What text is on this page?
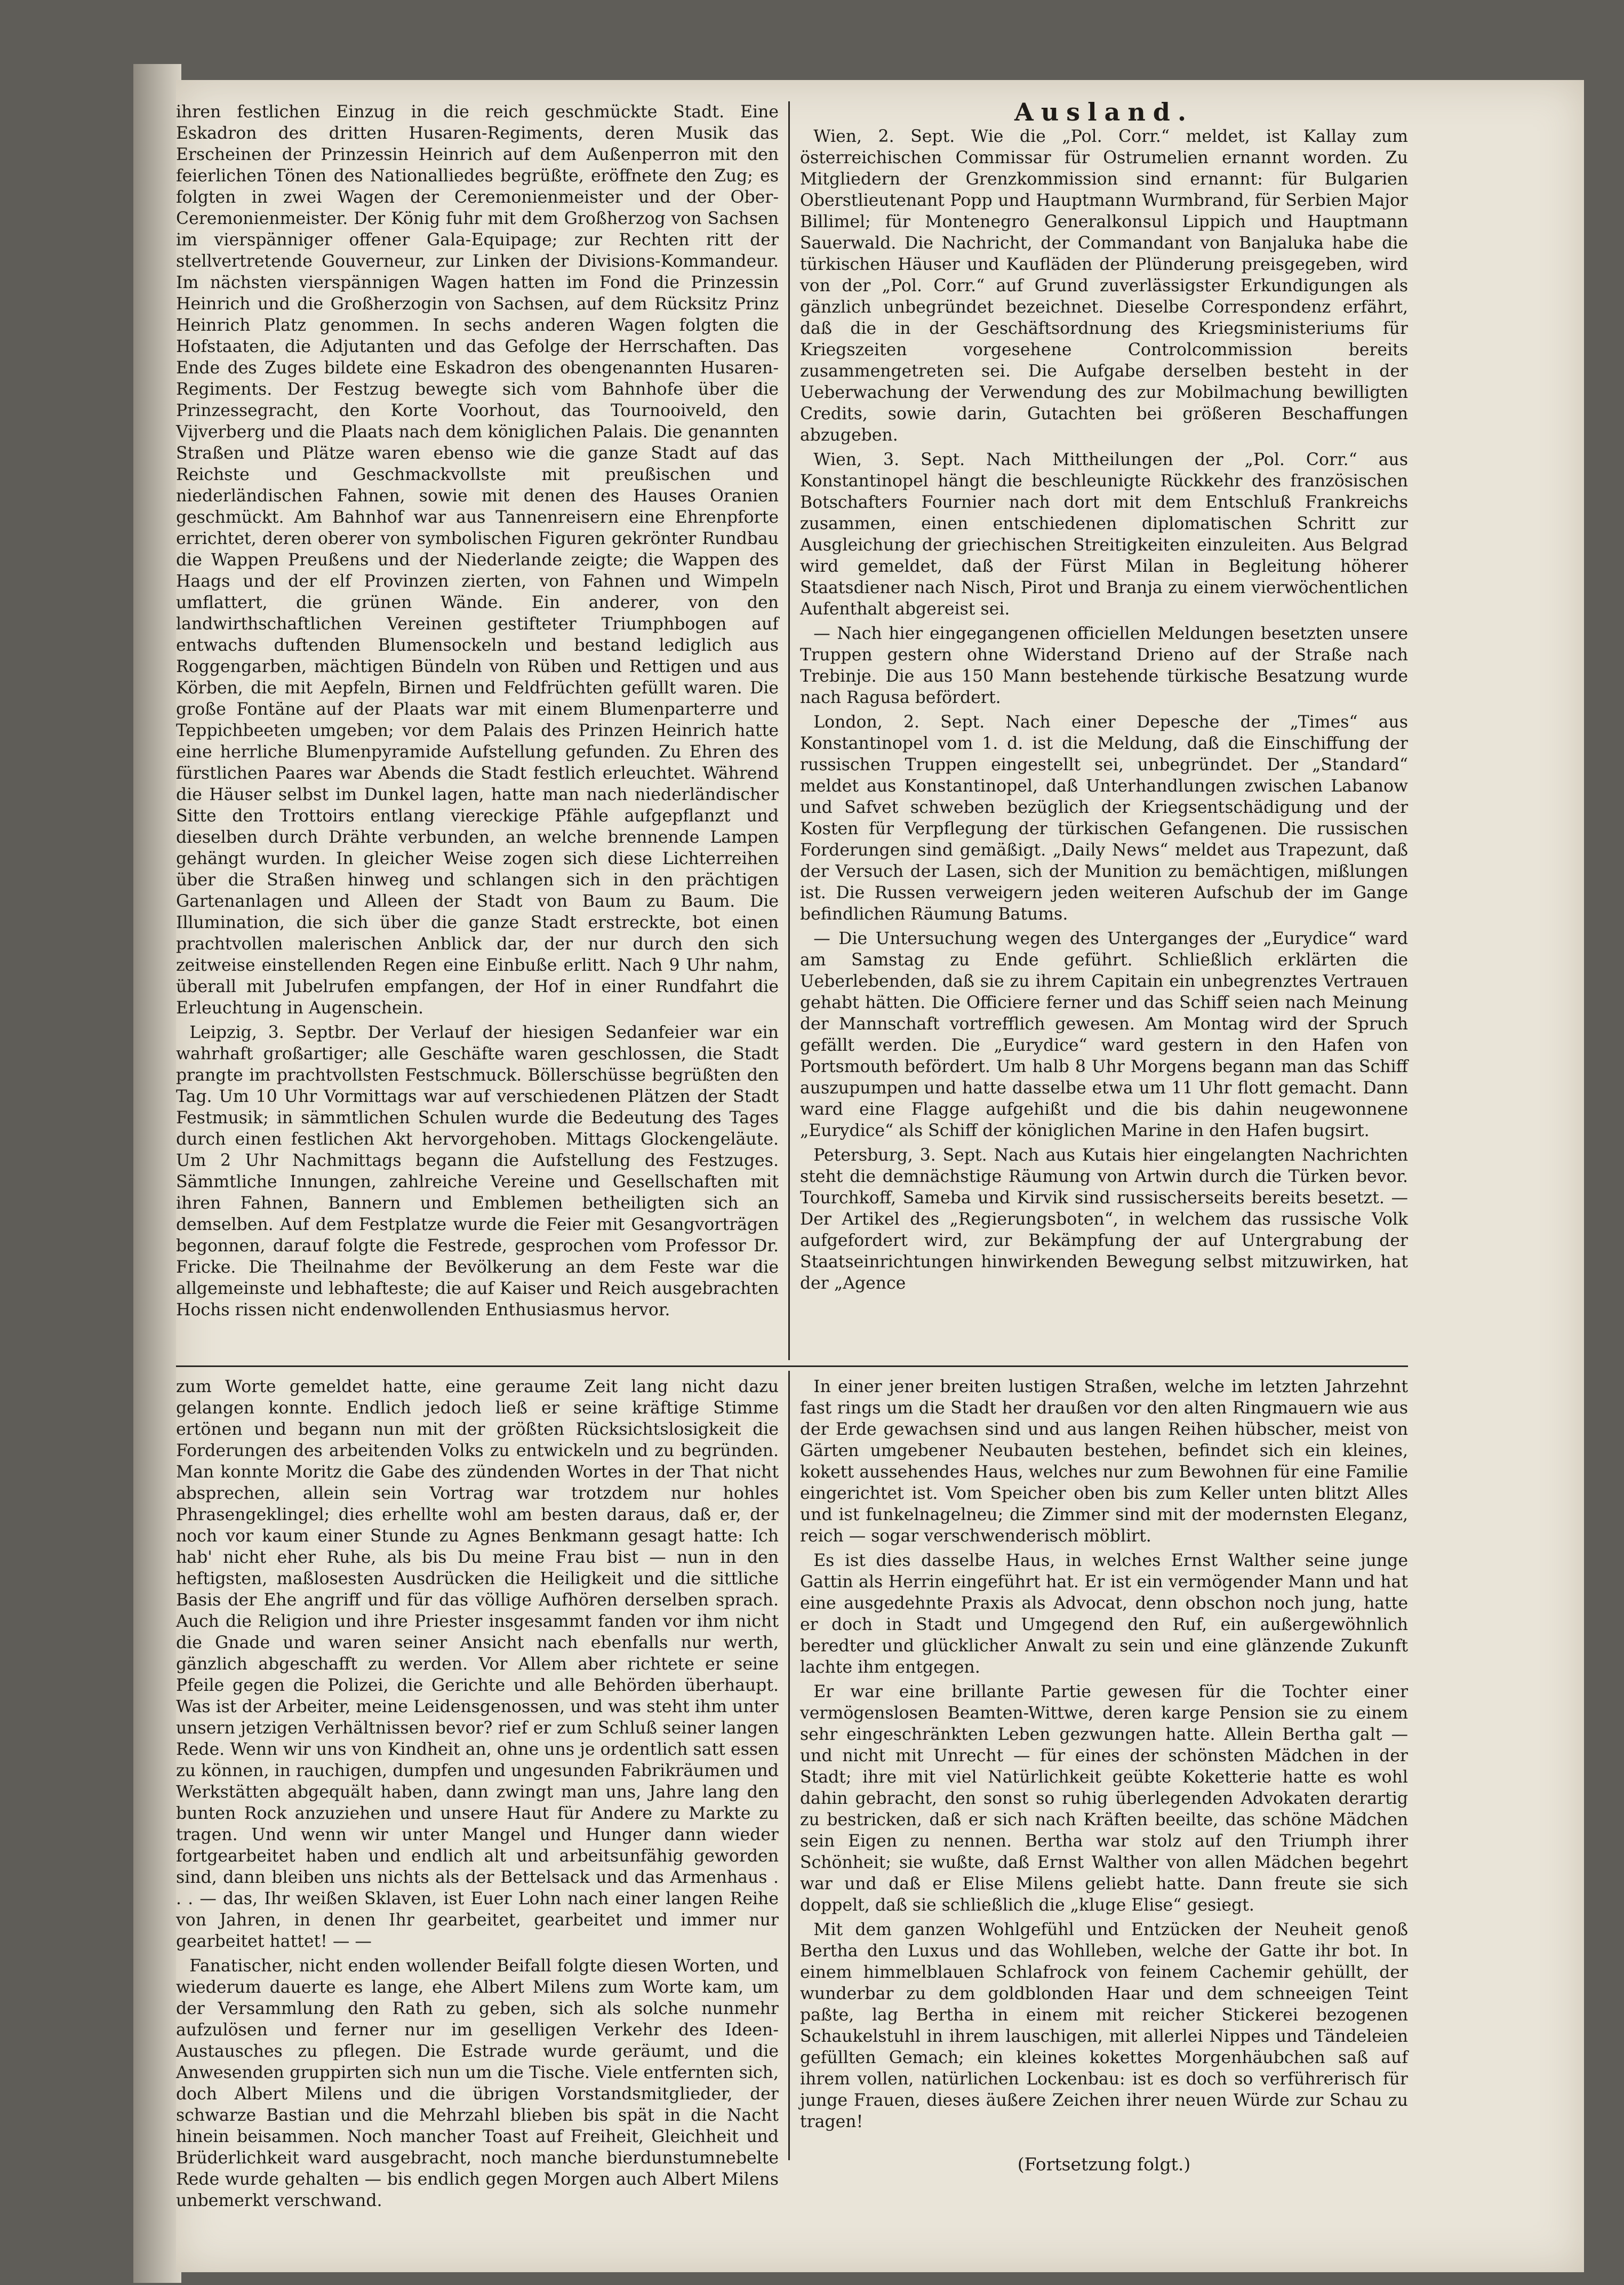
ihren festlichen Einzug in die reich geschmückte Stadt. Eine Eskadron des dritten Husaren-Regiments, deren Musik das Erscheinen der Prinzessin Heinrich auf dem Außenperron mit den feierlichen Tönen des Nationalliedes begrüßte, eröffnete den Zug; es folgten in zwei Wagen der Ceremonienmeister und der Ober-Ceremonienmeister. Der König fuhr mit dem Großherzog von Sachsen im vierspänniger offener Gala-Equipage; zur Rechten ritt der stellvertretende Gouverneur, zur Linken der Divisions-Kommandeur. Im nächsten vierspännigen Wagen hatten im Fond die Prinzessin Heinrich und die Großherzogin von Sachsen, auf dem Rücksitz Prinz Heinrich Platz genommen. In sechs anderen Wagen folgten die Hofstaaten, die Adjutanten und das Gefolge der Herrschaften. Das Ende des Zuges bildete eine Eskadron des obengenannten Husaren-Regiments. Der Festzug bewegte sich vom Bahnhofe über die Prinzessegracht, den Korte Voorhout, das Tournooiveld, den Vijverberg und die Plaats nach dem königlichen Palais. Die genannten Straßen und Plätze waren ebenso wie die ganze Stadt auf das Reichste und Geschmackvollste mit preußischen und niederländischen Fahnen, sowie mit denen des Hauses Oranien geschmückt. Am Bahnhof war aus Tannenreisern eine Ehrenpforte errichtet, deren oberer von symbolischen Figuren gekrönter Rundbau die Wappen Preußens und der Niederlande zeigte; die Wappen des Haags und der elf Provinzen zierten, von Fahnen und Wimpeln umflattert, die grünen Wände. Ein anderer, von den landwirthschaftlichen Vereinen gestifteter Triumphbogen auf entwachs duftenden Blumensockeln und bestand lediglich aus Roggengarben, mächtigen Bündeln von Rüben und Rettigen und aus Körben, die mit Aepfeln, Birnen und Feldfrüchten gefüllt waren. Die große Fontäne auf der Plaats war mit einem Blumenparterre und Teppichbeeten umgeben; vor dem Palais des Prinzen Heinrich hatte eine herrliche Blumenpyramide Aufstellung gefunden. Zu Ehren des fürstlichen Paares war Abends die Stadt festlich erleuchtet. Während die Häuser selbst im Dunkel lagen, hatte man nach niederländischer Sitte den Trottoirs entlang viereckige Pfähle aufgepflanzt und dieselben durch Drähte verbunden, an welche brennende Lampen gehängt wurden. In gleicher Weise zogen sich diese Lichterreihen über die Straßen hinweg und schlangen sich in den prächtigen Gartenanlagen und Alleen der Stadt von Baum zu Baum. Die Illumination, die sich über die ganze Stadt erstreckte, bot einen prachtvollen malerischen Anblick dar, der nur durch den sich zeitweise einstellenden Regen eine Einbuße erlitt. Nach 9 Uhr nahm, überall mit Jubelrufen empfangen, der Hof in einer Rundfahrt die Erleuchtung in Augenschein.

Leipzig, 3. Septbr. Der Verlauf der hiesigen Sedanfeier war ein wahrhaft großartiger; alle Geschäfte waren geschlossen, die Stadt prangte im prachtvollsten Festschmuck. Böllerschüsse begrüßten den Tag. Um 10 Uhr Vormittags war auf verschiedenen Plätzen der Stadt Festmusik; in sämmtlichen Schulen wurde die Bedeutung des Tages durch einen festlichen Akt hervorgehoben. Mittags Glockengeläute. Um 2 Uhr Nachmittags begann die Aufstellung des Festzuges. Sämmtliche Innungen, zahlreiche Vereine und Gesellschaften mit ihren Fahnen, Bannern und Emblemen betheiligten sich an demselben. Auf dem Festplatze wurde die Feier mit Gesangvorträgen begonnen, darauf folgte die Festrede, gesprochen vom Professor Dr. Fricke. Die Theilnahme der Bevölkerung an dem Feste war die allgemeinste und lebhafteste; die auf Kaiser und Reich ausgebrachten Hochs rissen nicht endenwollenden Enthusiasmus hervor.

Ausland.

Wien, 2. Sept. Wie die „Pol. Corr.“ meldet, ist Kallay zum österreichischen Commissar für Ostrumelien ernannt worden. Zu Mitgliedern der Grenzkommission sind ernannt: für Bulgarien Oberstlieutenant Popp und Hauptmann Wurmbrand, für Serbien Major Billimel; für Montenegro Generalkonsul Lippich und Hauptmann Sauerwald. Die Nachricht, der Commandant von Banjaluka habe die türkischen Häuser und Kaufläden der Plünderung preisgegeben, wird von der „Pol. Corr.“ auf Grund zuverlässigster Erkundigungen als gänzlich unbegründet bezeichnet. Dieselbe Correspondenz erfährt, daß die in der Geschäftsordnung des Kriegsministeriums für Kriegszeiten vorgesehene Controlcommission bereits zusammengetreten sei. Die Aufgabe derselben besteht in der Ueberwachung der Verwendung des zur Mobilmachung bewilligten Credits, sowie darin, Gutachten bei größeren Beschaffungen abzugeben.

Wien, 3. Sept. Nach Mittheilungen der „Pol. Corr.“ aus Konstantinopel hängt die beschleunigte Rückkehr des französischen Botschafters Fournier nach dort mit dem Entschluß Frankreichs zusammen, einen entschiedenen diplomatischen Schritt zur Ausgleichung der griechischen Streitigkeiten einzuleiten. Aus Belgrad wird gemeldet, daß der Fürst Milan in Begleitung höherer Staatsdiener nach Nisch, Pirot und Branja zu einem vierwöchentlichen Aufenthalt abgereist sei.

— Nach hier eingegangenen officiellen Meldungen besetzten unsere Truppen gestern ohne Widerstand Drieno auf der Straße nach Trebinje. Die aus 150 Mann bestehende türkische Besatzung wurde nach Ragusa befördert.

London, 2. Sept. Nach einer Depesche der „Times“ aus Konstantinopel vom 1. d. ist die Meldung, daß die Einschiffung der russischen Truppen eingestellt sei, unbegründet. Der „Standard“ meldet aus Konstantinopel, daß Unterhandlungen zwischen Labanow und Safvet schweben bezüglich der Kriegsentschädigung und der Kosten für Verpflegung der türkischen Gefangenen. Die russischen Forderungen sind gemäßigt. „Daily News“ meldet aus Trapezunt, daß der Versuch der Lasen, sich der Munition zu bemächtigen, mißlungen ist. Die Russen verweigern jeden weiteren Aufschub der im Gange befindlichen Räumung Batums.

— Die Untersuchung wegen des Unterganges der „Eurydice“ ward am Samstag zu Ende geführt. Schließlich erklärten die Ueberlebenden, daß sie zu ihrem Capitain ein unbegrenztes Vertrauen gehabt hätten. Die Officiere ferner und das Schiff seien nach Meinung der Mannschaft vortrefflich gewesen. Am Montag wird der Spruch gefällt werden. Die „Eurydice“ ward gestern in den Hafen von Portsmouth befördert. Um halb 8 Uhr Morgens begann man das Schiff auszupumpen und hatte dasselbe etwa um 11 Uhr flott gemacht. Dann ward eine Flagge aufgehißt und die bis dahin neugewonnene „Eurydice“ als Schiff der königlichen Marine in den Hafen bugsirt.

Petersburg, 3. Sept. Nach aus Kutais hier eingelangten Nachrichten steht die demnächstige Räumung von Artwin durch die Türken bevor. Tourchkoff, Sameba und Kirvik sind russischerseits bereits besetzt. — Der Artikel des „Regierungsboten“, in welchem das russische Volk aufgefordert wird, zur Bekämpfung der auf Untergrabung der Staatseinrichtungen hinwirkenden Bewegung selbst mitzuwirken, hat der „Agence

zum Worte gemeldet hatte, eine geraume Zeit lang nicht dazu gelangen konnte. Endlich jedoch ließ er seine kräftige Stimme ertönen und begann nun mit der größten Rücksichtslosigkeit die Forderungen des arbeitenden Volks zu entwickeln und zu begründen. Man konnte Moritz die Gabe des zündenden Wortes in der That nicht absprechen, allein sein Vortrag war trotzdem nur hohles Phrasengeklingel; dies erhellte wohl am besten daraus, daß er, der noch vor kaum einer Stunde zu Agnes Benkmann gesagt hatte: Ich hab' nicht eher Ruhe, als bis Du meine Frau bist — nun in den heftigsten, maßlosesten Ausdrücken die Heiligkeit und die sittliche Basis der Ehe angriff und für das völlige Aufhören derselben sprach. Auch die Religion und ihre Priester insgesammt fanden vor ihm nicht die Gnade und waren seiner Ansicht nach ebenfalls nur werth, gänzlich abgeschafft zu werden. Vor Allem aber richtete er seine Pfeile gegen die Polizei, die Gerichte und alle Behörden überhaupt. Was ist der Arbeiter, meine Leidensgenossen, und was steht ihm unter unsern jetzigen Verhältnissen bevor? rief er zum Schluß seiner langen Rede. Wenn wir uns von Kindheit an, ohne uns je ordentlich satt essen zu können, in rauchigen, dumpfen und ungesunden Fabrikräumen und Werkstätten abgequält haben, dann zwingt man uns, Jahre lang den bunten Rock anzuziehen und unsere Haut für Andere zu Markte zu tragen. Und wenn wir unter Mangel und Hunger dann wieder fortgearbeitet haben und endlich alt und arbeitsunfähig geworden sind, dann bleiben uns nichts als der Bettelsack und das Armenhaus . . . — das, Ihr weißen Sklaven, ist Euer Lohn nach einer langen Reihe von Jahren, in denen Ihr gearbeitet, gearbeitet und immer nur gearbeitet hattet! — —

Fanatischer, nicht enden wollender Beifall folgte diesen Worten, und wiederum dauerte es lange, ehe Albert Milens zum Worte kam, um der Versammlung den Rath zu geben, sich als solche nunmehr aufzulösen und ferner nur im geselligen Verkehr des Ideen-Austausches zu pflegen. Die Estrade wurde geräumt, und die Anwesenden gruppirten sich nun um die Tische. Viele entfernten sich, doch Albert Milens und die übrigen Vorstandsmitglieder, der schwarze Bastian und die Mehrzahl blieben bis spät in die Nacht hinein beisammen. Noch mancher Toast auf Freiheit, Gleichheit und Brüderlichkeit ward ausgebracht, noch manche bierdunstumnebelte Rede wurde gehalten — bis endlich gegen Morgen auch Albert Milens unbemerkt verschwand.

In einer jener breiten lustigen Straßen, welche im letzten Jahrzehnt fast rings um die Stadt her draußen vor den alten Ringmauern wie aus der Erde gewachsen sind und aus langen Reihen hübscher, meist von Gärten umgebener Neubauten bestehen, befindet sich ein kleines, kokett aussehendes Haus, welches nur zum Bewohnen für eine Familie eingerichtet ist. Vom Speicher oben bis zum Keller unten blitzt Alles und ist funkelnagelneu; die Zimmer sind mit der modernsten Eleganz, reich — sogar verschwenderisch möblirt.

Es ist dies dasselbe Haus, in welches Ernst Walther seine junge Gattin als Herrin eingeführt hat. Er ist ein vermögender Mann und hat eine ausgedehnte Praxis als Advocat, denn obschon noch jung, hatte er doch in Stadt und Umgegend den Ruf, ein außergewöhnlich beredter und glücklicher Anwalt zu sein und eine glänzende Zukunft lachte ihm entgegen.

Er war eine brillante Partie gewesen für die Tochter einer vermögenslosen Beamten-Wittwe, deren karge Pension sie zu einem sehr eingeschränkten Leben gezwungen hatte. Allein Bertha galt — und nicht mit Unrecht — für eines der schönsten Mädchen in der Stadt; ihre mit viel Natürlichkeit geübte Koketterie hatte es wohl dahin gebracht, den sonst so ruhig überlegenden Advokaten derartig zu bestricken, daß er sich nach Kräften beeilte, das schöne Mädchen sein Eigen zu nennen. Bertha war stolz auf den Triumph ihrer Schönheit; sie wußte, daß Ernst Walther von allen Mädchen begehrt war und daß er Elise Milens geliebt hatte. Dann freute sie sich doppelt, daß sie schließlich die „kluge Elise“ gesiegt.

Mit dem ganzen Wohlgefühl und Entzücken der Neuheit genoß Bertha den Luxus und das Wohlleben, welche der Gatte ihr bot. In einem himmelblauen Schlafrock von feinem Cachemir gehüllt, der wunderbar zu dem goldblonden Haar und dem schneeigen Teint paßte, lag Bertha in einem mit reicher Stickerei bezogenen Schaukelstuhl in ihrem lauschigen, mit allerlei Nippes und Tändeleien gefüllten Gemach; ein kleines kokettes Morgenhäubchen saß auf ihrem vollen, natürlichen Lockenbau: ist es doch so verführerisch für junge Frauen, dieses äußere Zeichen ihrer neuen Würde zur Schau zu tragen!

(Fortsetzung folgt.)
